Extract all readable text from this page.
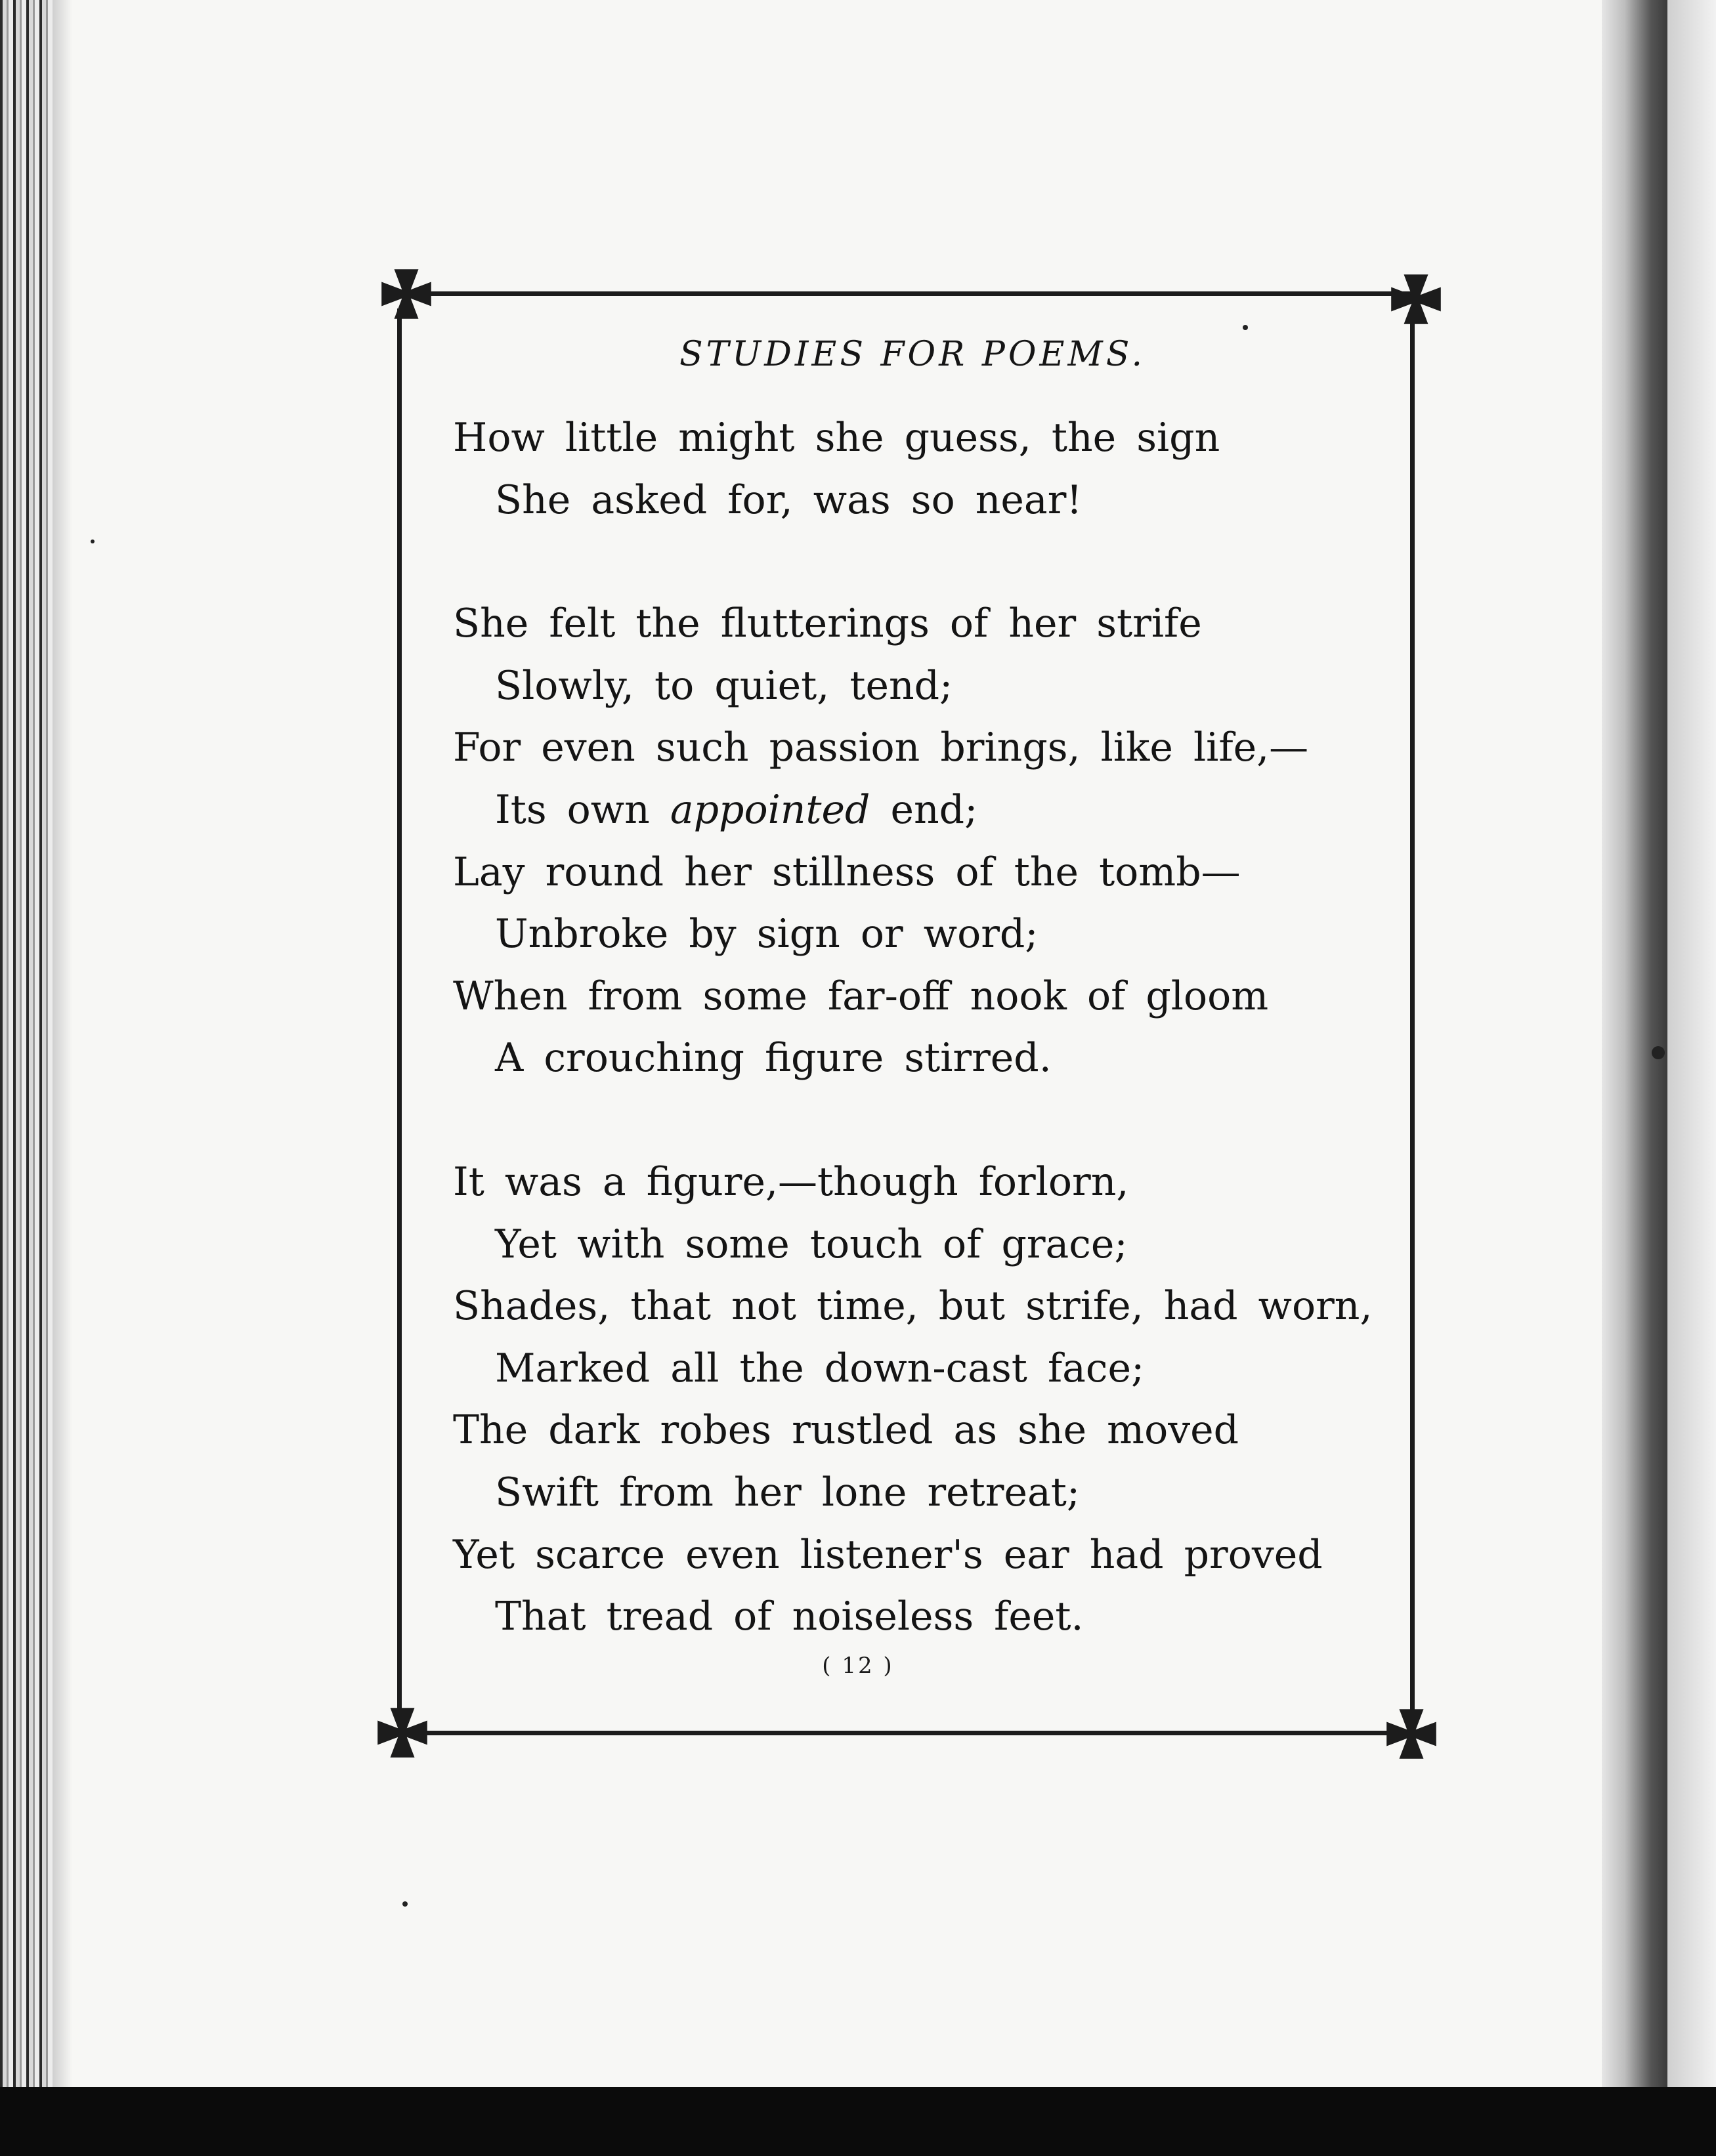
STUDIES FOR POEMS.
How little might she guess, the sign
She asked for, was so near!
She felt the flutterings of her strife
Slowly, to quiet, tend;
For even such passion brings, like life,—
Its own appointed end;
Lay round her stillness of the tomb—
Unbroke by sign or word;
When from some far-off nook of gloom
A crouching figure stirred.
It was a figure,—though forlorn,
Yet with some touch of grace;
Shades, that not time, but strife, had worn,
Marked all the down-cast face;
The dark robes rustled as she moved
Swift from her lone retreat;
Yet scarce even listener's ear had proved
That tread of noiseless feet.
( 12 )
